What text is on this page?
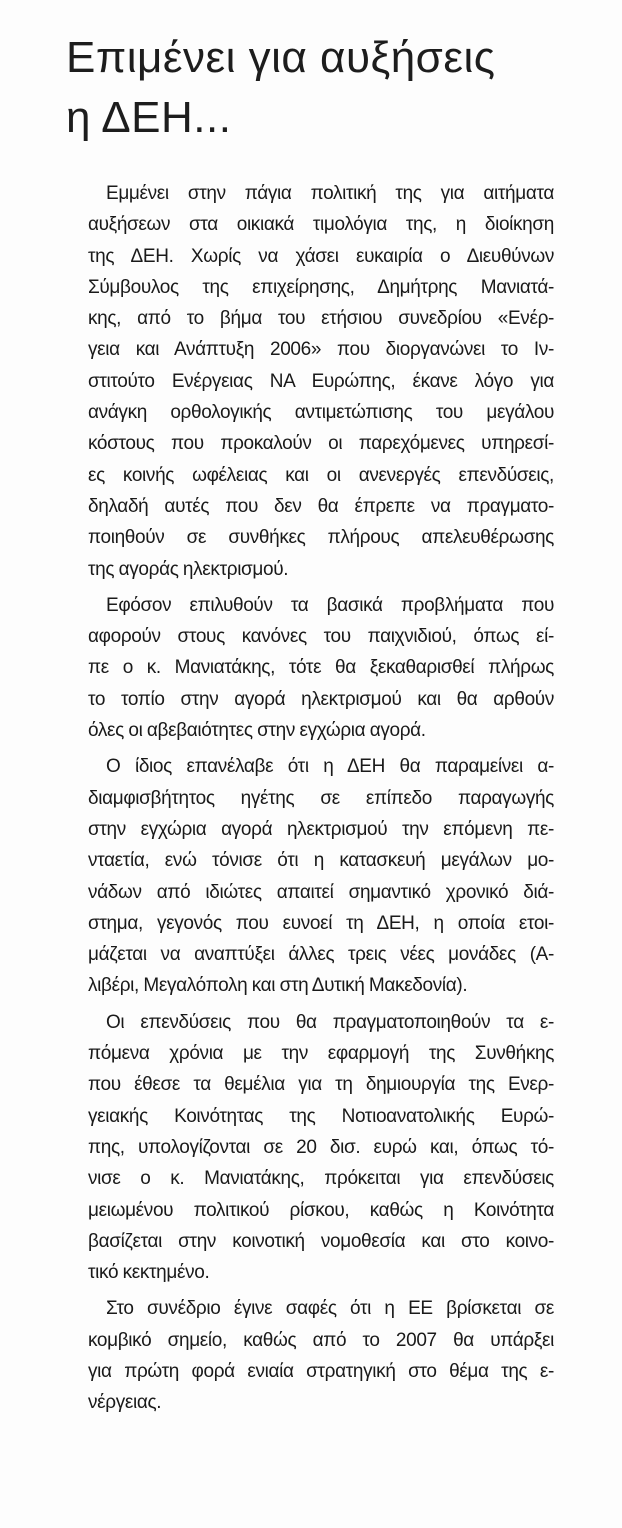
Επιμένει για αυξήσεις
η ΔΕΗ...
Εμμένει στην πάγια πολιτική της για αιτήματα
αυξήσεων στα οικιακά τιμολόγια της, η διοίκηση
της ΔΕΗ. Χωρίς να χάσει ευκαιρία ο Διευθύνων
Σύμβουλος της επιχείρησης, Δημήτρης Μανιατά-
κης, από το βήμα του ετήσιου συνεδρίου «Ενέρ-
γεια και Ανάπτυξη 2006» που διοργανώνει το Ιν-
στιτούτο Ενέργειας ΝΑ Ευρώπης, έκανε λόγο για
ανάγκη ορθολογικής αντιμετώπισης του μεγάλου
κόστους που προκαλούν οι παρεχόμενες υπηρεσί-
ες κοινής ωφέλειας και οι ανενεργές επενδύσεις,
δηλαδή αυτές που δεν θα έπρεπε να πραγματο-
ποιηθούν σε συνθήκες πλήρους απελευθέρωσης
της αγοράς ηλεκτρισμού.
Εφόσον επιλυθούν τα βασικά προβλήματα που
αφορούν στους κανόνες του παιχνιδιού, όπως εί-
πε ο κ. Μανιατάκης, τότε θα ξεκαθαρισθεί πλήρως
το τοπίο στην αγορά ηλεκτρισμού και θα αρθούν
όλες οι αβεβαιότητες στην εγχώρια αγορά.
Ο ίδιος επανέλαβε ότι η ΔΕΗ θα παραμείνει α-
διαμφισβήτητος ηγέτης σε επίπεδο παραγωγής
στην εγχώρια αγορά ηλεκτρισμού την επόμενη πε-
νταετία, ενώ τόνισε ότι η κατασκευή μεγάλων μο-
νάδων από ιδιώτες απαιτεί σημαντικό χρονικό διά-
στημα, γεγονός που ευνοεί τη ΔΕΗ, η οποία ετοι-
μάζεται να αναπτύξει άλλες τρεις νέες μονάδες (Α-
λιβέρι, Μεγαλόπολη και στη Δυτική Μακεδονία).
Οι επενδύσεις που θα πραγματοποιηθούν τα ε-
πόμενα χρόνια με την εφαρμογή της Συνθήκης
που έθεσε τα θεμέλια για τη δημιουργία της Ενερ-
γειακής Κοινότητας της Νοτιοανατολικής Ευρώ-
πης, υπολογίζονται σε 20 δισ. ευρώ και, όπως τό-
νισε ο κ. Μανιατάκης, πρόκειται για επενδύσεις
μειωμένου πολιτικού ρίσκου, καθώς η Κοινότητα
βασίζεται στην κοινοτική νομοθεσία και στο κοινο-
τικό κεκτημένο.
Στο συνέδριο έγινε σαφές ότι η ΕΕ βρίσκεται σε
κομβικό σημείο, καθώς από το 2007 θα υπάρξει
για πρώτη φορά ενιαία στρατηγική στο θέμα της ε-
νέργειας.
